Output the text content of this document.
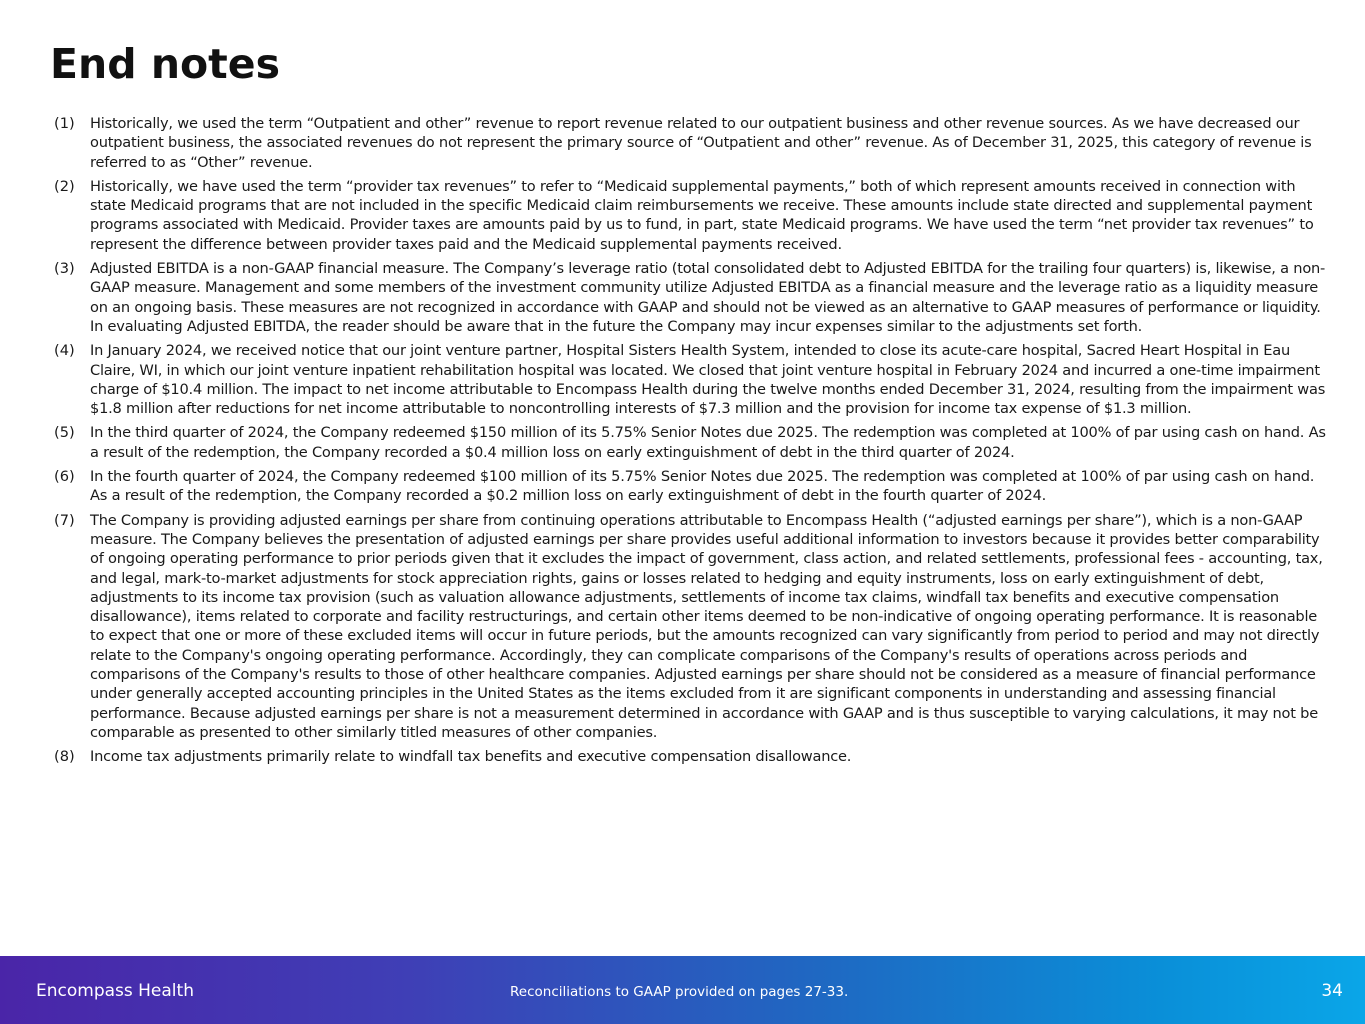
End notes
(1)	Historically, we used the term “Outpatient and other” revenue to report revenue related to our outpatient business and other revenue sources. As we have decreased our outpatient business, the associated revenues do not represent the primary source of “Outpatient and other” revenue. As of December 31, 2025, this category of revenue is referred to as “Other” revenue.
(2)	Historically, we have used the term “provider tax revenues” to refer to “Medicaid supplemental payments,” both of which represent amounts received in connection with state Medicaid programs that are not included in the specific Medicaid claim reimbursements we receive. These amounts include state directed and supplemental payment programs associated with Medicaid. Provider taxes are amounts paid by us to fund, in part, state Medicaid programs. We have used the term “net provider tax revenues” to represent the difference between provider taxes paid and the Medicaid supplemental payments received.
(3)	Adjusted EBITDA is a non-GAAP financial measure. The Company’s leverage ratio (total consolidated debt to Adjusted EBITDA for the trailing four quarters) is, likewise, a non-GAAP measure. Management and some members of the investment community utilize Adjusted EBITDA as a financial measure and the leverage ratio as a liquidity measure on an ongoing basis. These measures are not recognized in accordance with GAAP and should not be viewed as an alternative to GAAP measures of performance or liquidity. In evaluating Adjusted EBITDA, the reader should be aware that in the future the Company may incur expenses similar to the adjustments set forth.
(4)	In January 2024, we received notice that our joint venture partner, Hospital Sisters Health System, intended to close its acute-care hospital, Sacred Heart Hospital in Eau Claire, WI, in which our joint venture inpatient rehabilitation hospital was located. We closed that joint venture hospital in February 2024 and incurred a one-time impairment charge of $10.4 million. The impact to net income attributable to Encompass Health during the twelve months ended December 31, 2024, resulting from the impairment was $1.8 million after reductions for net income attributable to noncontrolling interests of $7.3 million and the provision for income tax expense of $1.3 million.
(5)	In the third quarter of 2024, the Company redeemed $150 million of its 5.75% Senior Notes due 2025. The redemption was completed at 100% of par using cash on hand. As a result of the redemption, the Company recorded a $0.4 million loss on early extinguishment of debt in the third quarter of 2024.
(6)	In the fourth quarter of 2024, the Company redeemed $100 million of its 5.75% Senior Notes due 2025. The redemption was completed at 100% of par using cash on hand. As a result of the redemption, the Company recorded a $0.2 million loss on early extinguishment of debt in the fourth quarter of 2024.
(7)	The Company is providing adjusted earnings per share from continuing operations attributable to Encompass Health (“adjusted earnings per share”), which is a non-GAAP measure. The Company believes the presentation of adjusted earnings per share provides useful additional information to investors because it provides better comparability of ongoing operating performance to prior periods given that it excludes the impact of government, class action, and related settlements, professional fees - accounting, tax, and legal, mark-to-market adjustments for stock appreciation rights, gains or losses related to hedging and equity instruments, loss on early extinguishment of debt, adjustments to its income tax provision (such as valuation allowance adjustments, settlements of income tax claims, windfall tax benefits and executive compensation disallowance), items related to corporate and facility restructurings, and certain other items deemed to be non-indicative of ongoing operating performance. It is reasonable to expect that one or more of these excluded items will occur in future periods, but the amounts recognized can vary significantly from period to period and may not directly relate to the Company's ongoing operating performance. Accordingly, they can complicate comparisons of the Company's results of operations across periods and comparisons of the Company's results to those of other healthcare companies. Adjusted earnings per share should not be considered as a measure of financial performance under generally accepted accounting principles in the United States as the items excluded from it are significant components in understanding and assessing financial performance. Because adjusted earnings per share is not a measurement determined in accordance with GAAP and is thus susceptible to varying calculations, it may not be comparable as presented to other similarly titled measures of other companies.
(8)	Income tax adjustments primarily relate to windfall tax benefits and executive compensation disallowance.
Encompass Health	Reconciliations to GAAP provided on pages 27-33.	34
